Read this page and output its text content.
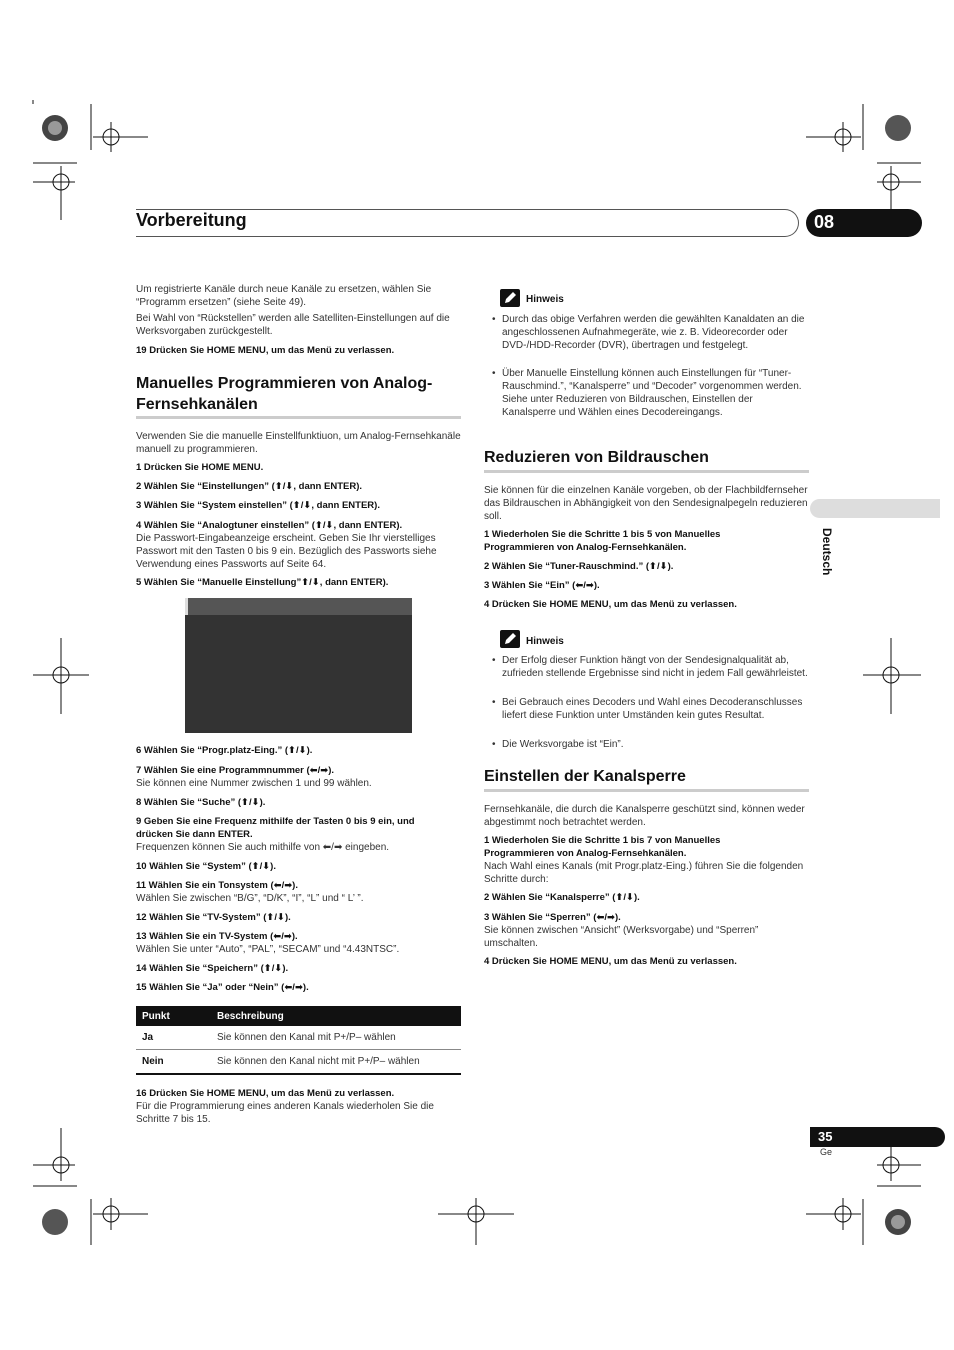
Vorbereitung	08
Um registrierte Kanäle durch neue Kanäle zu ersetzen, wählen Sie “Programm ersetzen” (siehe Seite 49).
Bei Wahl von “Rückstellen” werden alle Satelliten-Einstellungen auf die Werksvorgaben zurückgestellt.
19 Drücken Sie HOME MENU, um das Menü zu verlassen.
Manuelles Programmieren von Analog-Fernsehkanälen
Verwenden Sie die manuelle Einstellfunktiuon, um Analog-Fernsehkanäle manuell zu programmieren.
1 Drücken Sie HOME MENU.
2 Wählen Sie “Einstellungen” (⬆/⬇, dann ENTER).
3 Wählen Sie “System einstellen” (⬆/⬇, dann ENTER).
4 Wählen Sie “Analogtuner einstellen” (⬆/⬇, dann ENTER).
Die Passwort-Eingabeanzeige erscheint. Geben Sie Ihr vierstelliges Passwort mit den Tasten 0 bis 9 ein. Bezüglich des Passworts siehe Verwendung eines Passworts auf Seite 64.
5 Wählen Sie “Manuelle Einstellung”⬆/⬇, dann ENTER).
6 Wählen Sie “Progr.platz-Eing.” (⬆/⬇).
7 Wählen Sie eine Programmnummer (⬅/➡).
Sie können eine Nummer zwischen 1 und 99 wählen.
8 Wählen Sie “Suche” (⬆/⬇).
9 Geben Sie eine Frequenz mithilfe der Tasten 0 bis 9 ein, und
drücken Sie dann ENTER.
Frequenzen können Sie auch mithilfe von ⬅/➡ eingeben.
10 Wählen Sie “System” (⬆/⬇).
11 Wählen Sie ein Tonsystem (⬅/➡).
Wählen Sie zwischen “B/G”, “D/K”, “I”, “L” und “ L’ ”.
12 Wählen Sie “TV-System” (⬆/⬇).
13 Wählen Sie ein TV-System (⬅/➡).
Wählen Sie unter “Auto”, “PAL”, “SECAM” und “4.43NTSC”.
14 Wählen Sie “Speichern” (⬆/⬇).
15 Wählen Sie “Ja” oder “Nein” (⬅/➡).
Punkt	Beschreibung
Ja	Sie können den Kanal mit P+/P– wählen
Nein	Sie können den Kanal nicht mit P+/P– wählen
16 Drücken Sie HOME MENU, um das Menü zu verlassen.
Für die Programmierung eines anderen Kanals wiederholen Sie die Schritte 7 bis 15.
Hinweis
• Durch das obige Verfahren werden die gewählten Kanaldaten an die angeschlossenen Aufnahmegeräte, wie z. B. Videorecorder oder DVD-/HDD-Recorder (DVR), übertragen und festgelegt.
• Über Manuelle Einstellung können auch Einstellungen für “Tuner-Rauschmind.”, “Kanalsperre” und “Decoder” vorgenommen werden. Siehe unter Reduzieren von Bildrauschen, Einstellen der Kanalsperre und Wählen eines Decodereingangs.
Reduzieren von Bildrauschen
Sie können für die einzelnen Kanäle vorgeben, ob der Flachbildfernseher das Bildrauschen in Abhängigkeit von den Sendesignalpegeln reduzieren soll.
1 Wiederholen Sie die Schritte 1 bis 5 von Manuelles Programmieren von Analog-Fernsehkanälen.
2 Wählen Sie “Tuner-Rauschmind.” (⬆/⬇).
3 Wählen Sie “Ein” (⬅/➡).
4 Drücken Sie HOME MENU, um das Menü zu verlassen.
Hinweis
• Der Erfolg dieser Funktion hängt von der Sendesignalqualität ab, zufrieden stellende Ergebnisse sind nicht in jedem Fall gewährleistet.
• Bei Gebrauch eines Decoders und Wahl eines Decoderanschlusses liefert diese Funktion unter Umständen kein gutes Resultat.
• Die Werksvorgabe ist “Ein”.
Einstellen der Kanalsperre
Fernsehkanäle, die durch die Kanalsperre geschützt sind, können weder abgestimmt noch betrachtet werden.
1 Wiederholen Sie die Schritte 1 bis 7 von Manuelles Programmieren von Analog-Fernsehkanälen.
Nach Wahl eines Kanals (mit Progr.platz-Eing.) führen Sie die folgenden Schritte durch:
2 Wählen Sie “Kanalsperre” (⬆/⬇).
3 Wählen Sie “Sperren” (⬅/➡).
Sie können zwischen “Ansicht” (Werksvorgabe) und “Sperren” umschalten.
4 Drücken Sie HOME MENU, um das Menü zu verlassen.
Deutsch
35
Ge
